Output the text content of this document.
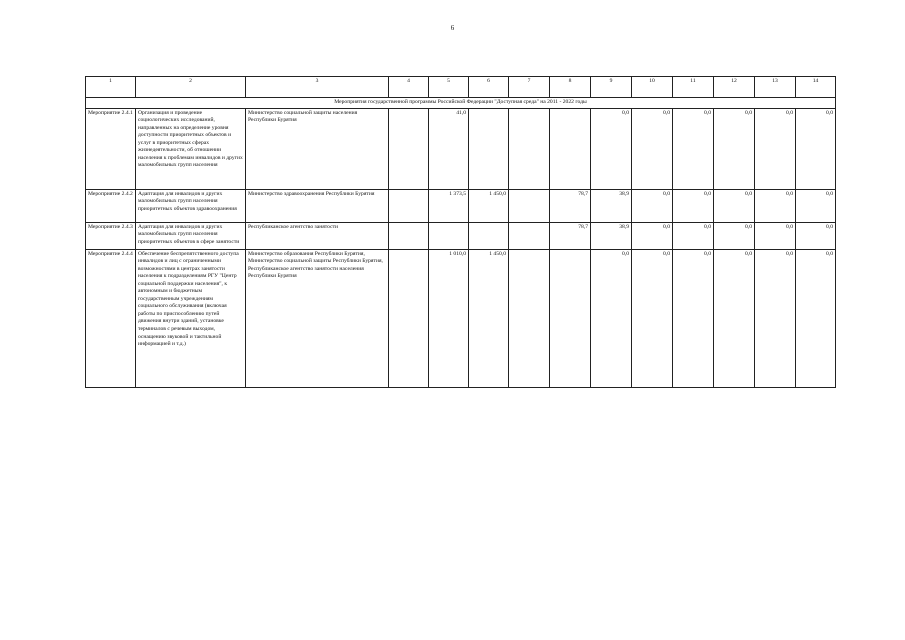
6
1	2	3	4	5	6	7	8	9	10	11	12	13	14
Мероприятия государственной программы Российской Федерации "Доступная среда" на 2011 - 2022 годы													
Мероприятие 2.4.1	Организация и проведение социологических исследований, направленных на определение уровня доступности приоритетных объектов и услуг в приоритетных сферах жизнедеятельности, об отношении населения к проблемам инвалидов и других маломобильных групп населения	Министерство социальной защиты населения Республики Бурятия		41,0				0,0	0,0	0,0	0,0	0,0	0,0
Мероприятие 2.4.2	Адаптация для инвалидов и других маломобильных групп населения приоритетных объектов здравоохранения	Министерство здравоохранения Республики Бурятия		1 373,5	1 450,0		78,7	38,9	0,0	0,0	0,0	0,0	0,0
Мероприятие 2.4.3	Адаптация для инвалидов и других маломобильных групп населения приоритетных объектов в сфере занятости	Республиканское агентство занятости					78,7	38,9	0,0	0,0	0,0	0,0	0,0
Мероприятие 2.4.4	Обеспечение беспрепятственного доступа инвалидов и лиц с ограниченными возможностями в центрах занятости населения к подразделениям РГУ "Центр социальной поддержки населения", к автономным и бюджетным государственным учреждениям социального обслуживания (включая работы по приспособлению путей движения внутри зданий, установке терминалов с речевым выходом, оснащению звуковой и тактильной информацией и т.д.)	Министерство образования Республики Бурятия, Министерство социальной защиты Республики Бурятия, Республиканское агентство занятости населения Республики Бурятия		1 010,0	1 450,0			0,0	0,0	0,0	0,0	0,0	0,0
